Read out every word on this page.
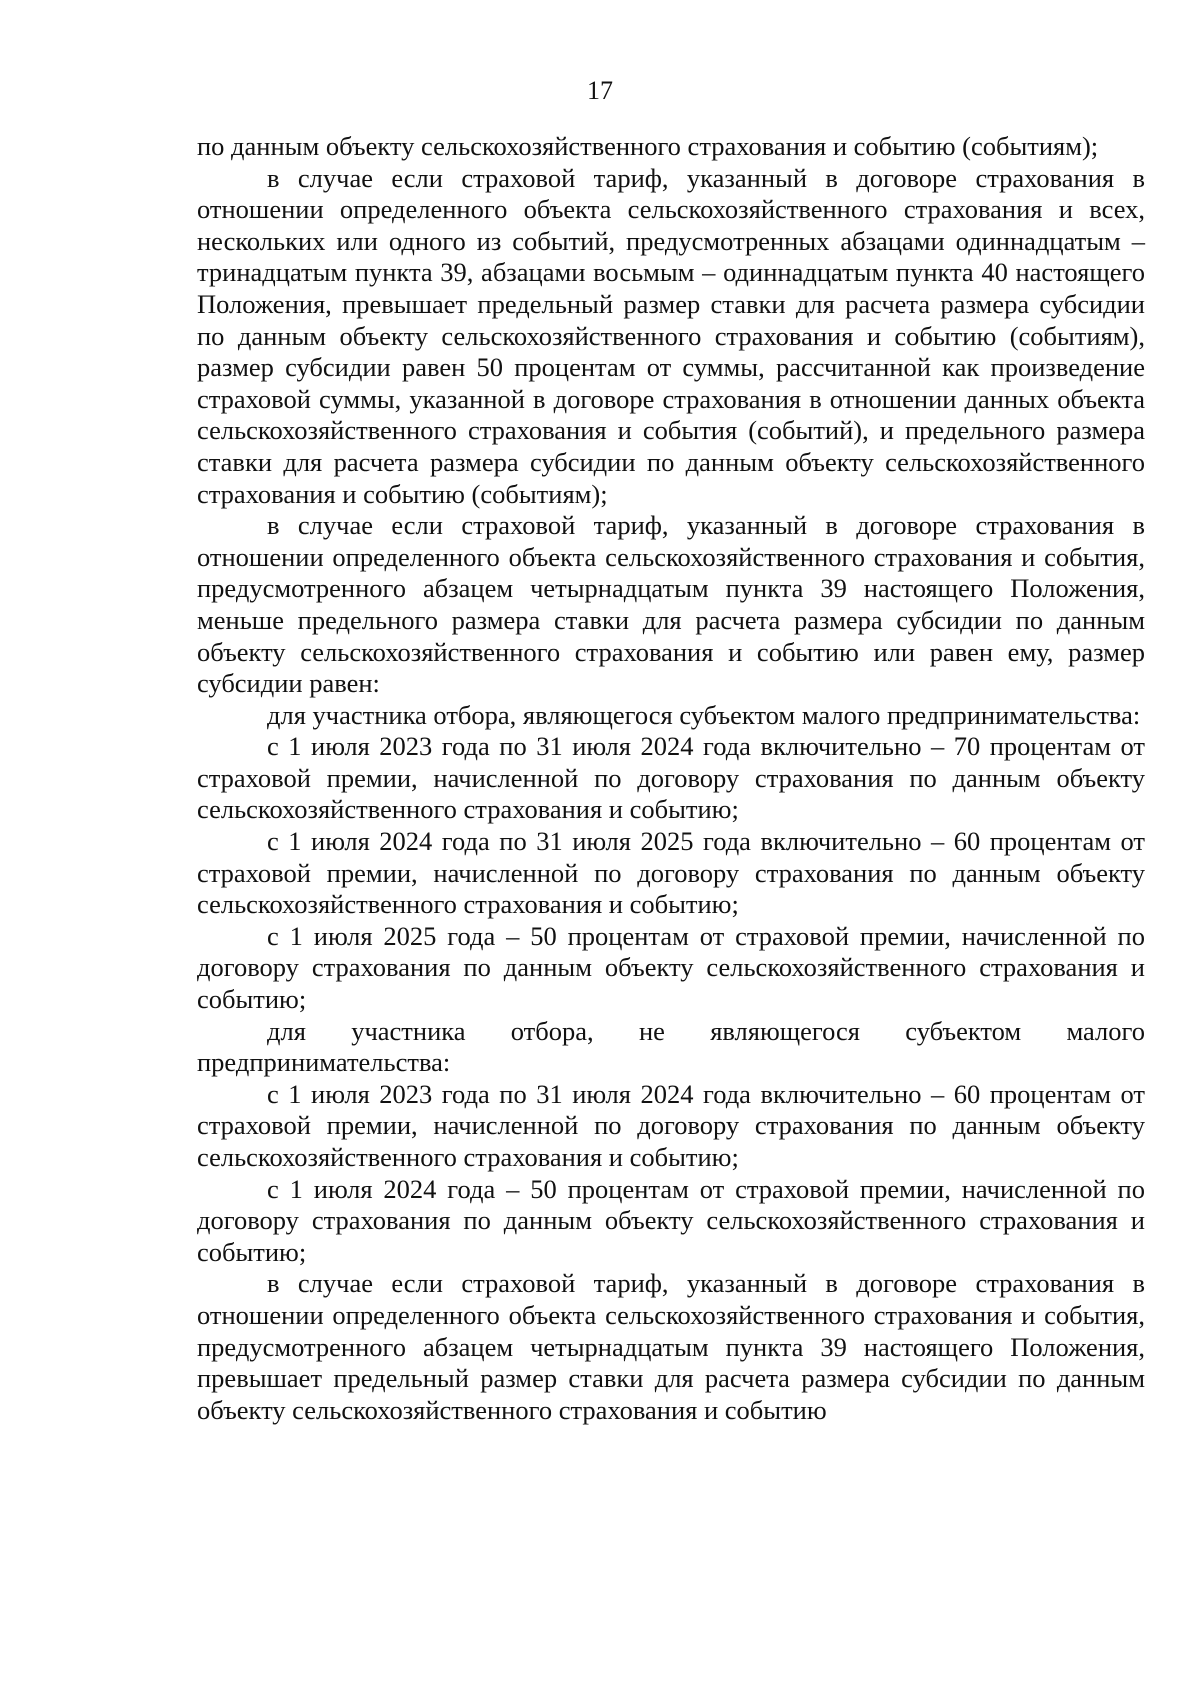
17

по данным объекту сельскохозяйственного страхования и событию (событиям);

в случае если страховой тариф, указанный в договоре страхования в отношении определенного объекта сельскохозяйственного страхования и всех, нескольких или одного из событий, предусмотренных абзацами одиннадцатым – тринадцатым пункта 39, абзацами восьмым – одиннадцатым пункта 40 настоящего Положения, превышает предельный размер ставки для расчета размера субсидии по данным объекту сельскохозяйственного страхования и событию (событиям), размер субсидии равен 50 процентам от суммы, рассчитанной как произведение страховой суммы, указанной в договоре страхования в отношении данных объекта сельскохозяйственного страхования и события (событий), и предельного размера ставки для расчета размера субсидии по данным объекту сельскохозяйственного страхования и событию (событиям);

в случае если страховой тариф, указанный в договоре страхования в отношении определенного объекта сельскохозяйственного страхования и события, предусмотренного абзацем четырнадцатым пункта 39 настоящего Положения, меньше предельного размера ставки для расчета размера субсидии по данным объекту сельскохозяйственного страхования и событию или равен ему, размер субсидии равен:

для участника отбора, являющегося субъектом малого предпринимательства:

с 1 июля 2023 года по 31 июля 2024 года включительно – 70 процентам от страховой премии, начисленной по договору страхования по данным объекту сельскохозяйственного страхования и событию;

с 1 июля 2024 года по 31 июля 2025 года включительно – 60 процентам от страховой премии, начисленной по договору страхования по данным объекту сельскохозяйственного страхования и событию;

с 1 июля 2025 года – 50 процентам от страховой премии, начисленной по договору страхования по данным объекту сельскохозяйственного страхования и событию;

для участника отбора, не являющегося субъектом малого предпринимательства:

с 1 июля 2023 года по 31 июля 2024 года включительно – 60 процентам от страховой премии, начисленной по договору страхования по данным объекту сельскохозяйственного страхования и событию;

с 1 июля 2024 года – 50 процентам от страховой премии, начисленной по договору страхования по данным объекту сельскохозяйственного страхования и событию;

в случае если страховой тариф, указанный в договоре страхования в отношении определенного объекта сельскохозяйственного страхования и события, предусмотренного абзацем четырнадцатым пункта 39 настоящего Положения, превышает предельный размер ставки для расчета размера субсидии по данным объекту сельскохозяйственного страхования и событию
